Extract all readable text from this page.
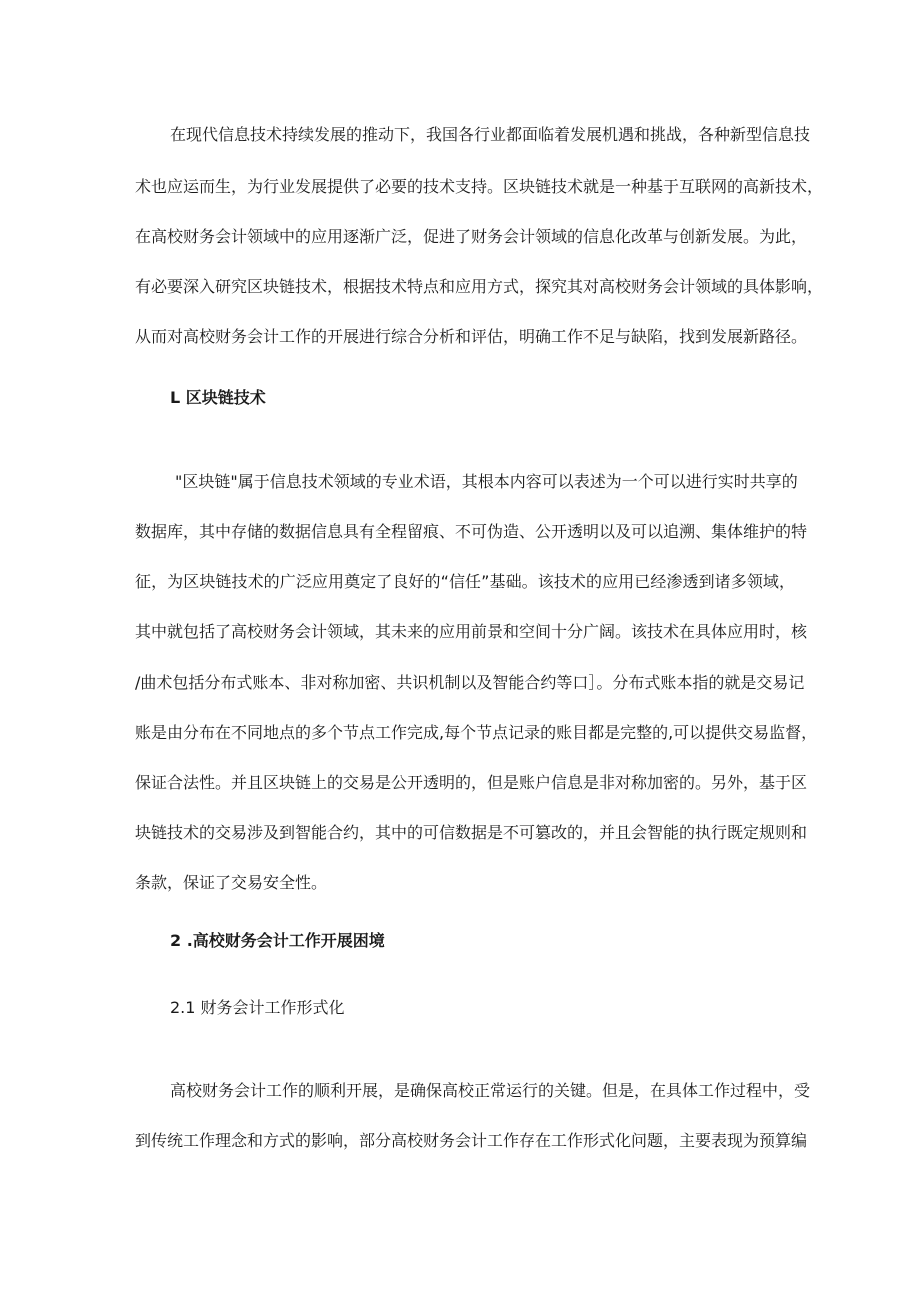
在现代信息技术持续发展的推动下，我国各行业都面临着发展机遇和挑战，各种新型信息技
术也应运而生，为行业发展提供了必要的技术支持。区块链技术就是一种基于互联网的高新技术，
在高校财务会计领域中的应用逐渐广泛，促进了财务会计领域的信息化改革与创新发展。为此，
有必要深入研究区块链技术，根据技术特点和应用方式，探究其对高校财务会计领域的具体影响，
从而对高校财务会计工作的开展进行综合分析和评估，明确工作不足与缺陷，找到发展新路径。
L 区块链技术
"区块链"属于信息技术领域的专业术语，其根本内容可以表述为一个可以进行实时共享的
数据库，其中存储的数据信息具有全程留痕、不可伪造、公开透明以及可以追溯、集体维护的特
征，为区块链技术的广泛应用奠定了良好的“信任”基础。该技术的应用已经渗透到诸多领域，
其中就包括了高校财务会计领域，其未来的应用前景和空间十分广阔。该技术在具体应用时，核
/曲术包括分布式账本、非对称加密、共识机制以及智能合约等口］。分布式账本指的就是交易记
账是由分布在不同地点的多个节点工作完成,每个节点记录的账目都是完整的,可以提供交易监督，
保证合法性。并且区块链上的交易是公开透明的，但是账户信息是非对称加密的。另外，基于区
块链技术的交易涉及到智能合约，其中的可信数据是不可篡改的，并且会智能的执行既定规则和
条款，保证了交易安全性。
2 .高校财务会计工作开展困境
2.1 财务会计工作形式化
高校财务会计工作的顺利开展，是确保高校正常运行的关键。但是，在具体工作过程中，受
到传统工作理念和方式的影响，部分高校财务会计工作存在工作形式化问题，主要表现为预算编
